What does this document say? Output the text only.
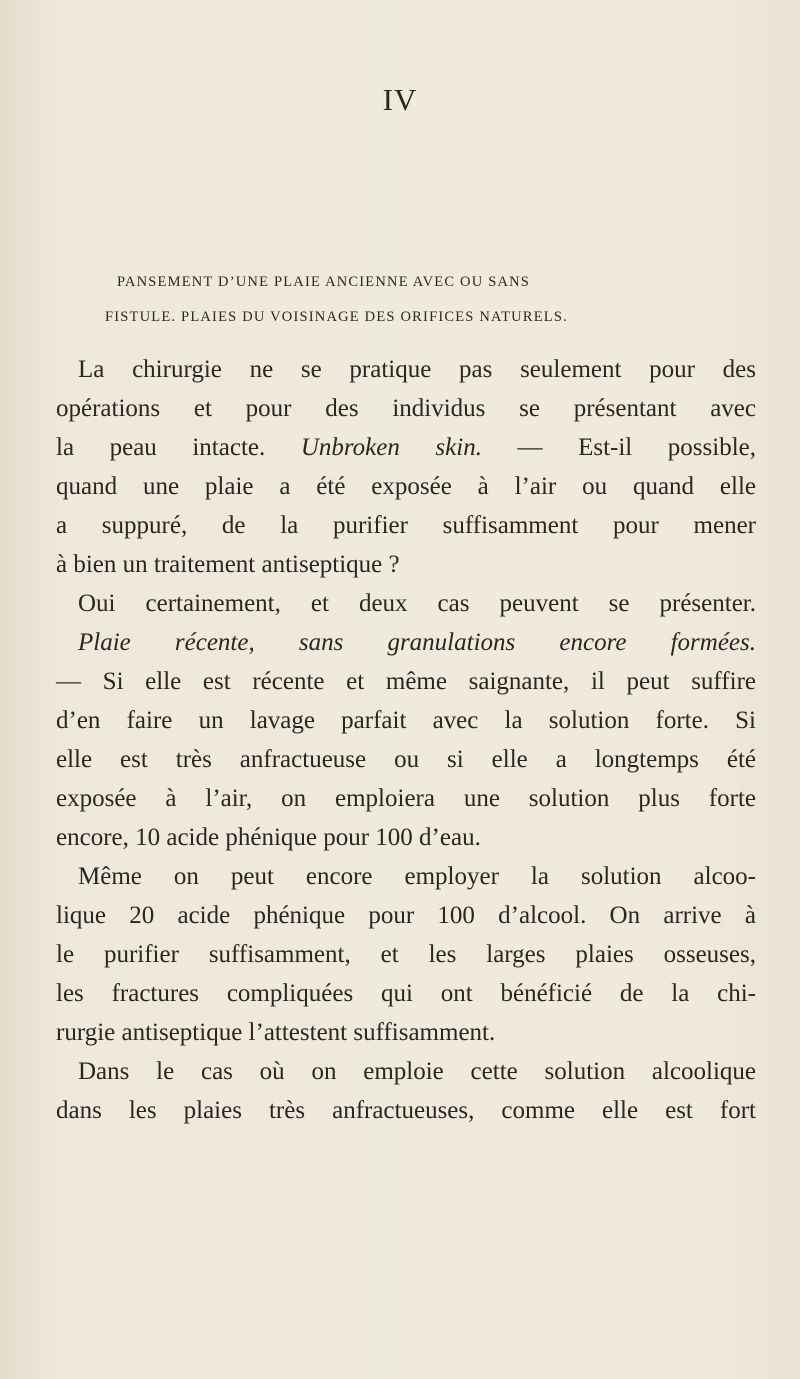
IV
PANSEMENT D’UNE PLAIE ANCIENNE AVEC OU SANS
FISTULE. PLAIES DU VOISINAGE DES ORIFICES NATURELS.
La chirurgie ne se pratique pas seulement pour des
opérations et pour des individus se présentant avec
la peau intacte. Unbroken skin. — Est-il possible,
quand une plaie a été exposée à l’air ou quand elle
a suppuré, de la purifier suffisamment pour mener
à bien un traitement antiseptique ?
Oui certainement, et deux cas peuvent se présenter.
Plaie récente, sans granulations encore formées.
— Si elle est récente et même saignante, il peut suffire
d’en faire un lavage parfait avec la solution forte. Si
elle est très anfractueuse ou si elle a longtemps été
exposée à l’air, on emploiera une solution plus forte
encore, 10 acide phénique pour 100 d’eau.
Même on peut encore employer la solution alcoo-
lique 20 acide phénique pour 100 d’alcool. On arrive à
le purifier suffisamment, et les larges plaies osseuses,
les fractures compliquées qui ont bénéficié de la chi-
rurgie antiseptique l’attestent suffisamment.
Dans le cas où on emploie cette solution alcoolique
dans les plaies très anfractueuses, comme elle est fort
